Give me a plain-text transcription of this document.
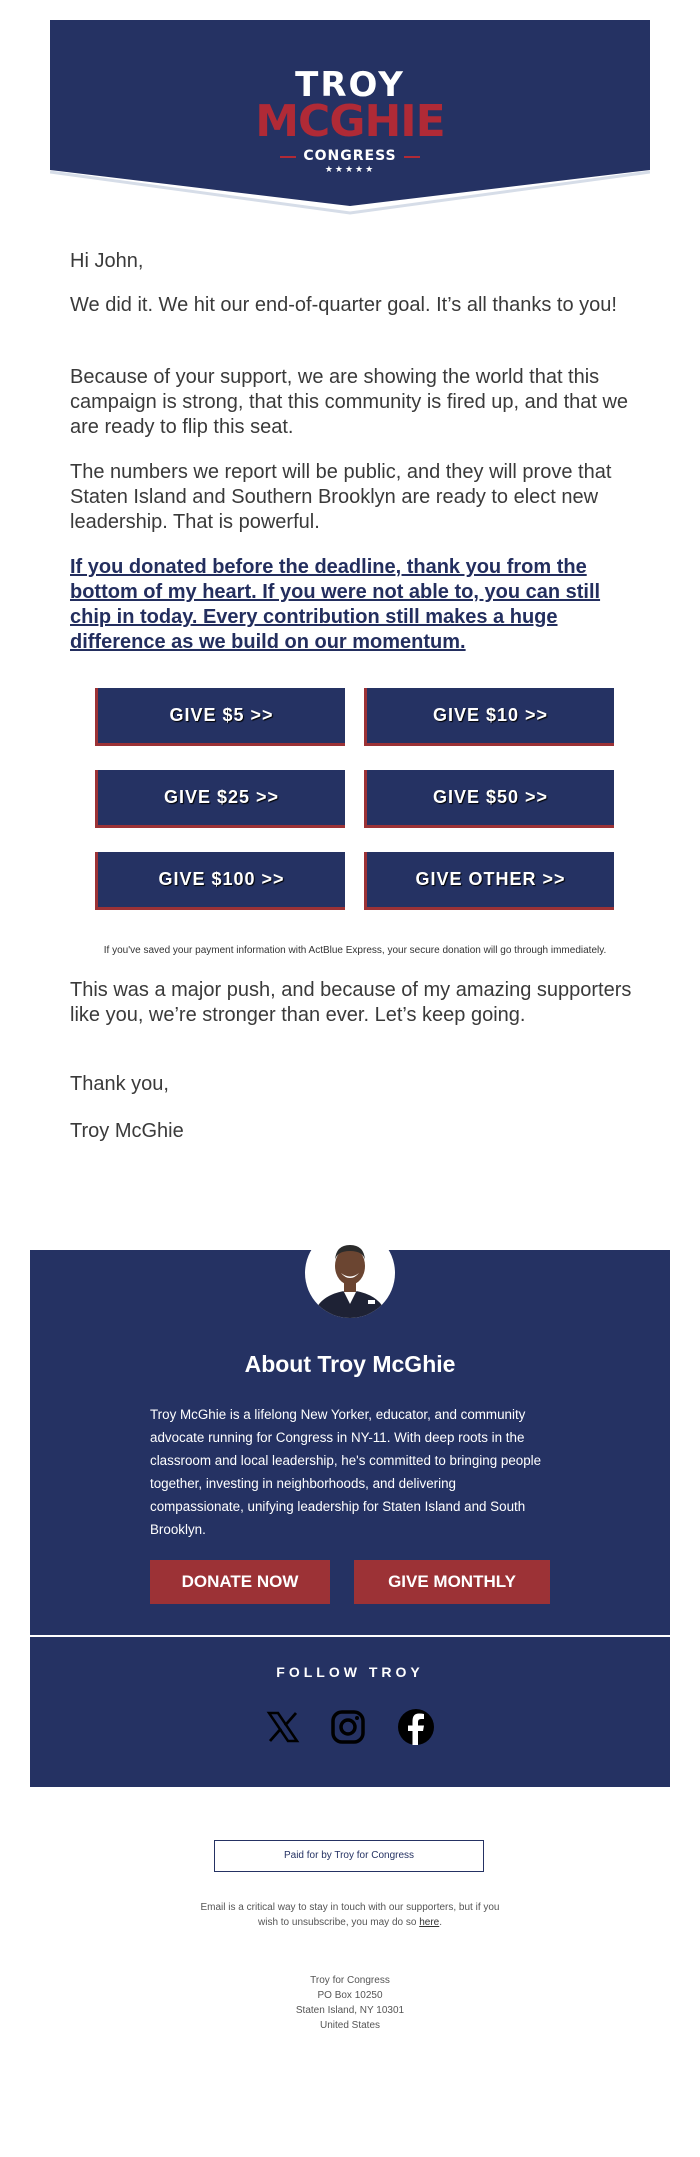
TROY
MCGHIE
CONGRESS
★★★★★

Hi John,

We did it. We hit our end-of-quarter goal. It’s all thanks to you!

Because of your support, we are showing the world that this campaign is strong, that this community is fired up, and that we are ready to flip this seat.

The numbers we report will be public, and they will prove that Staten Island and Southern Brooklyn are ready to elect new leadership. That is powerful.

If you donated before the deadline, thank you from the bottom of my heart. If you were not able to, you can still chip in today. Every contribution still makes a huge difference as we build on our momentum.

GIVE $5 >>	GIVE $10 >>
GIVE $25 >>	GIVE $50 >>
GIVE $100 >>	GIVE OTHER >>
If you've saved your payment information with ActBlue Express, your secure donation will go through immediately.

This was a major push, and because of my amazing supporters like you, we’re stronger than ever. Let’s keep going.

Thank you,

Troy McGhie

About Troy McGhie
Troy McGhie is a lifelong New Yorker, educator, and community advocate running for Congress in NY-11. With deep roots in the classroom and local leadership, he's committed to bringing people together, investing in neighborhoods, and delivering compassionate, unifying leadership for Staten Island and South Brooklyn.
DONATE NOW	GIVE MONTHLY
FOLLOW TROY
Paid for by Troy for Congress
Email is a critical way to stay in touch with our supporters, but if you wish to unsubscribe, you may do so here.
Troy for Congress
PO Box 10250
Staten Island, NY 10301
United States
